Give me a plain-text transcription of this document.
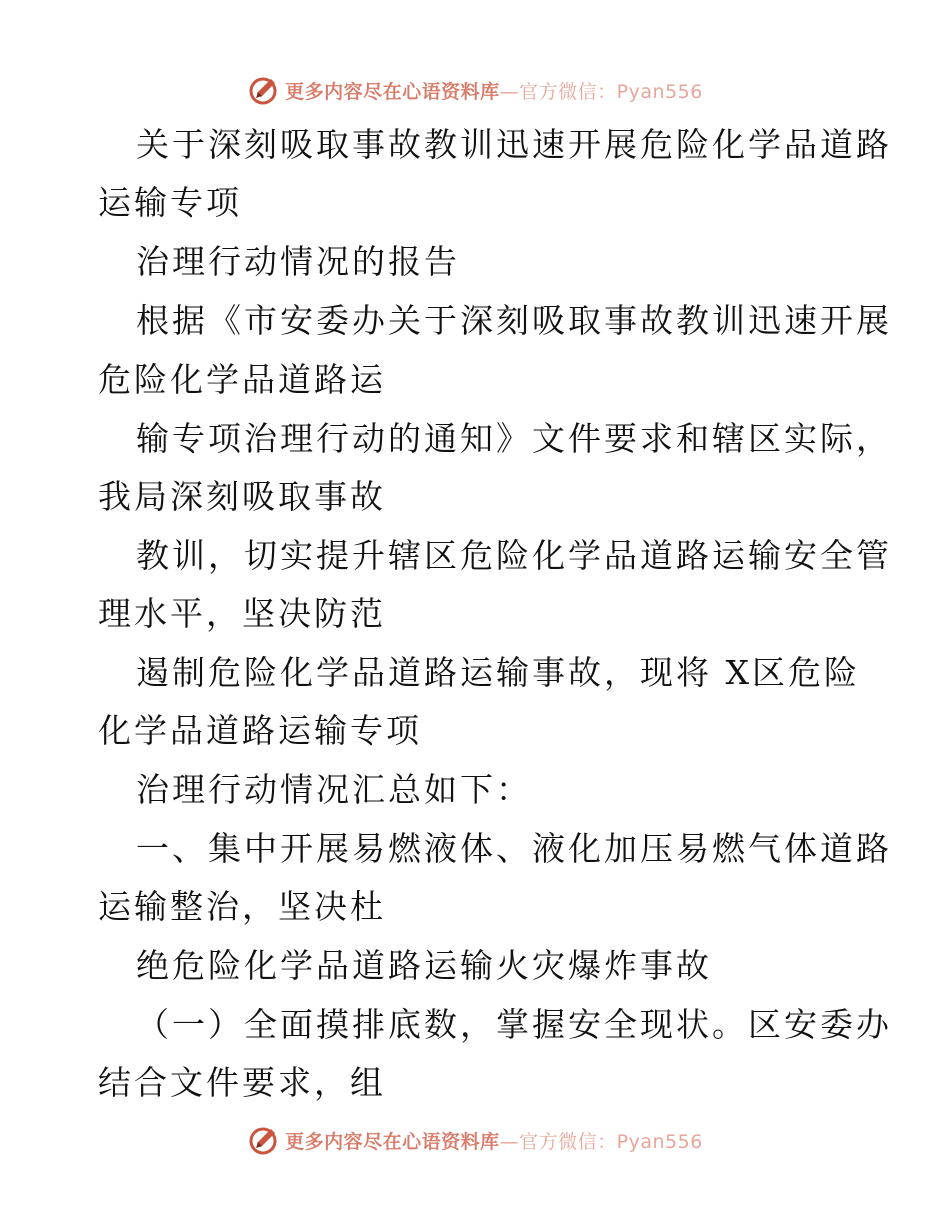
更多内容尽在心语资料库—官方微信：Pyan556
关于深刻吸取事故教训迅速开展危险化学品道路
运输专项
治理行动情况的报告
根据《市安委办关于深刻吸取事故教训迅速开展
危险化学品道路运
输专项治理行动的通知》文件要求和辖区实际，
我局深刻吸取事故
教训，切实提升辖区危险化学品道路运输安全管
理水平，坚决防范
遏制危险化学品道路运输事故，现将 X区危险
化学品道路运输专项
治理行动情况汇总如下：
一、集中开展易燃液体、液化加压易燃气体道路
运输整治，坚决杜
绝危险化学品道路运输火灾爆炸事故
（一）全面摸排底数，掌握安全现状。区安委办
结合文件要求，组
更多内容尽在心语资料库—官方微信：Pyan556
